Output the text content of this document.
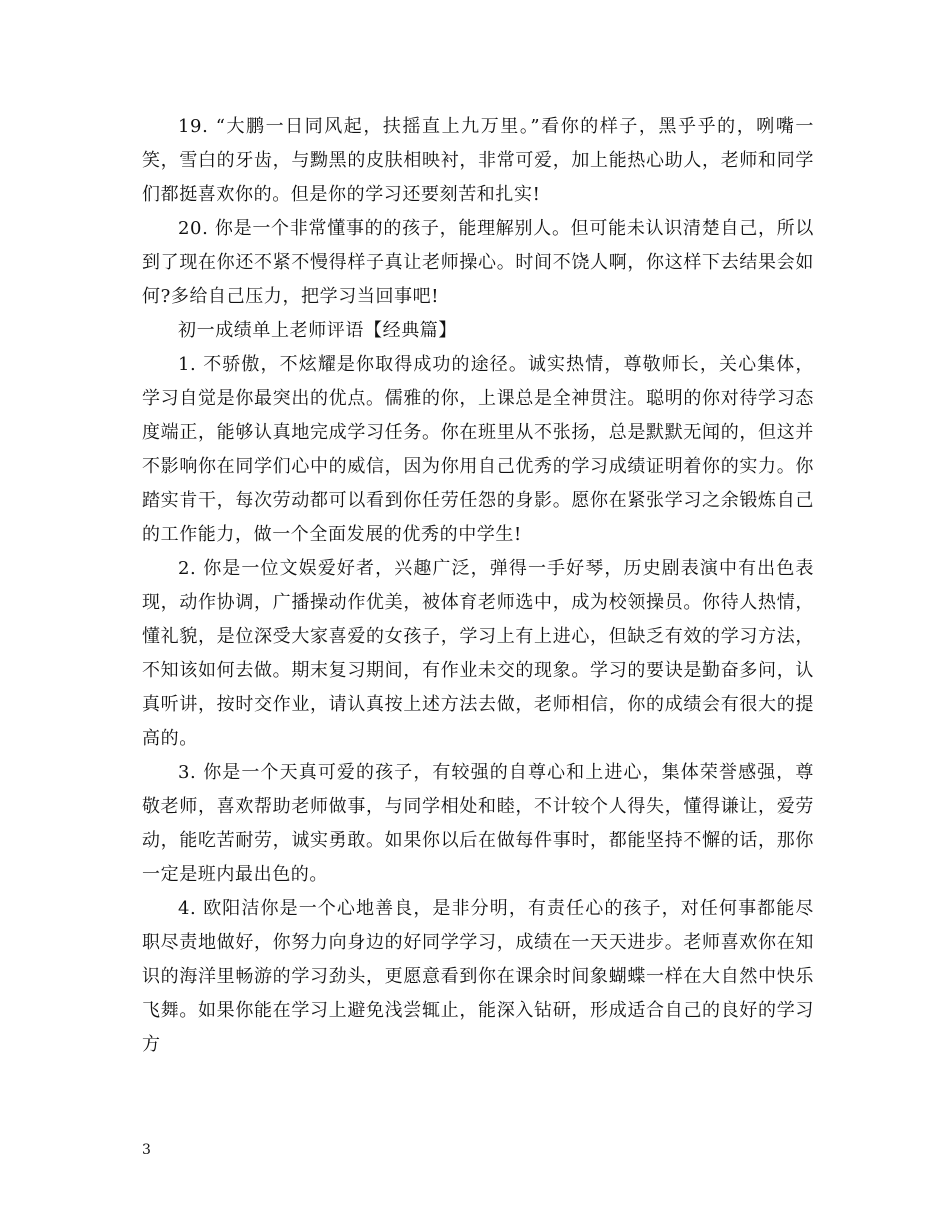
19. “大鹏一日同风起，扶摇直上九万里。”看你的样子，黑乎乎的，咧嘴一笑，雪白的牙齿，与黝黑的皮肤相映衬，非常可爱，加上能热心助人，老师和同学们都挺喜欢你的。但是你的学习还要刻苦和扎实!

20. 你是一个非常懂事的的孩子，能理解别人。但可能未认识清楚自己，所以到了现在你还不紧不慢得样子真让老师操心。时间不饶人啊，你这样下去结果会如何?多给自己压力，把学习当回事吧!

初一成绩单上老师评语【经典篇】

1. 不骄傲，不炫耀是你取得成功的途径。诚实热情，尊敬师长，关心集体，学习自觉是你最突出的优点。儒雅的你，上课总是全神贯注。聪明的你对待学习态度端正，能够认真地完成学习任务。你在班里从不张扬，总是默默无闻的，但这并不影响你在同学们心中的威信，因为你用自己优秀的学习成绩证明着你的实力。你踏实肯干，每次劳动都可以看到你任劳任怨的身影。愿你在紧张学习之余锻炼自己的工作能力，做一个全面发展的优秀的中学生!

2. 你是一位文娱爱好者，兴趣广泛，弹得一手好琴，历史剧表演中有出色表现，动作协调，广播操动作优美，被体育老师选中，成为校领操员。你待人热情，懂礼貌，是位深受大家喜爱的女孩子，学习上有上进心，但缺乏有效的学习方法，不知该如何去做。期末复习期间，有作业未交的现象。学习的要诀是勤奋多问，认真听讲，按时交作业，请认真按上述方法去做，老师相信，你的成绩会有很大的提高的。

3. 你是一个天真可爱的孩子，有较强的自尊心和上进心，集体荣誉感强，尊敬老师，喜欢帮助老师做事，与同学相处和睦，不计较个人得失，懂得谦让，爱劳动，能吃苦耐劳，诚实勇敢。如果你以后在做每件事时，都能坚持不懈的话，那你一定是班内最出色的。

4. 欧阳洁你是一个心地善良，是非分明，有责任心的孩子，对任何事都能尽职尽责地做好，你努力向身边的好同学学习，成绩在一天天进步。老师喜欢你在知识的海洋里畅游的学习劲头，更愿意看到你在课余时间象蝴蝶一样在大自然中快乐飞舞。如果你能在学习上避免浅尝辄止，能深入钻研，形成适合自己的良好的学习方

3
